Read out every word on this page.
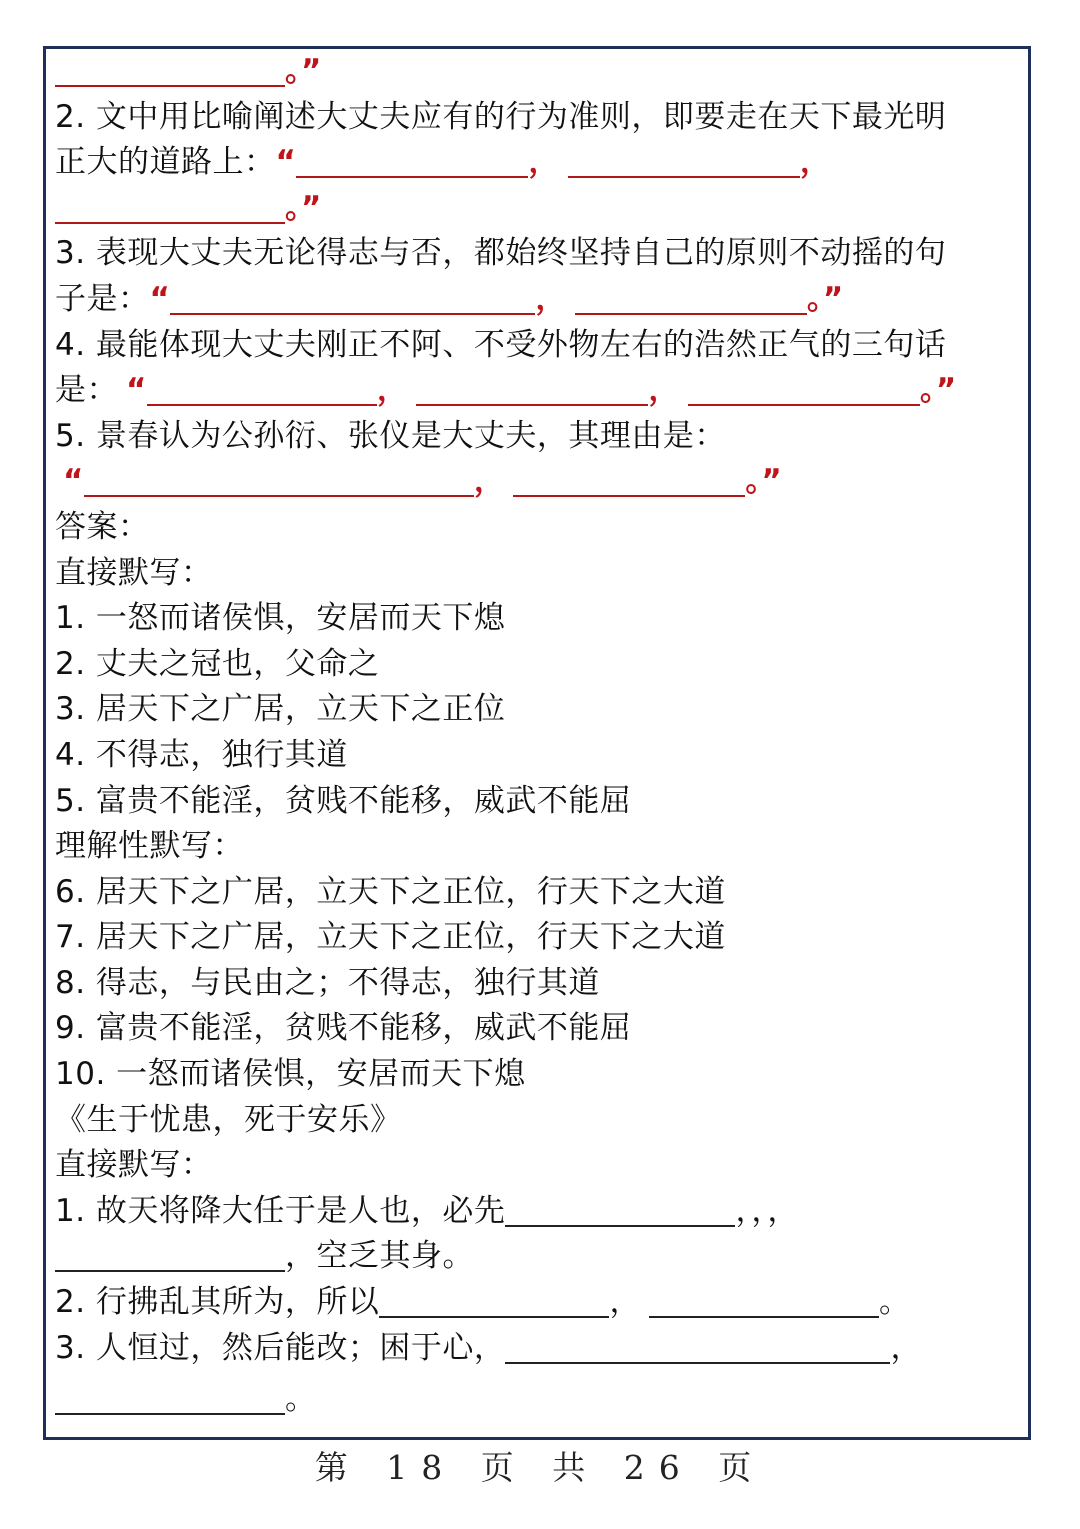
。”
2. 文中用比喻阐述大丈夫应有的行为准则，即要走在天下最光明
正大的道路上：“	，	，
。”
3. 表现大丈夫无论得志与否，都始终坚持自己的原则不动摇的句
子是：“	，	。”
4. 最能体现大丈夫刚正不阿、不受外物左右的浩然正气的三句话
是： “	，	，	。”
5. 景春认为公孙衍、张仪是大丈夫，其理由是：
“	，	。”
答案：
直接默写：
1. 一怒而诸侯惧，安居而天下熄
2. 丈夫之冠也，父命之
3. 居天下之广居，立天下之正位
4. 不得志，独行其道
5. 富贵不能淫，贫贱不能移，威武不能屈
理解性默写：
6. 居天下之广居，立天下之正位，行天下之大道
7. 居天下之广居，立天下之正位，行天下之大道
8. 得志，与民由之；不得志，独行其道
9. 富贵不能淫，贫贱不能移，威武不能屈
10. 一怒而诸侯惧，安居而天下熄
《生于忧患，死于安乐》
直接默写：
1. 故天将降大任于是人也，必先	，，，
，空乏其身。
2. 行拂乱其所为，所以	，	。
3. 人恒过，然后能改；困于心，	，
。
第 18 页 共 26 页
